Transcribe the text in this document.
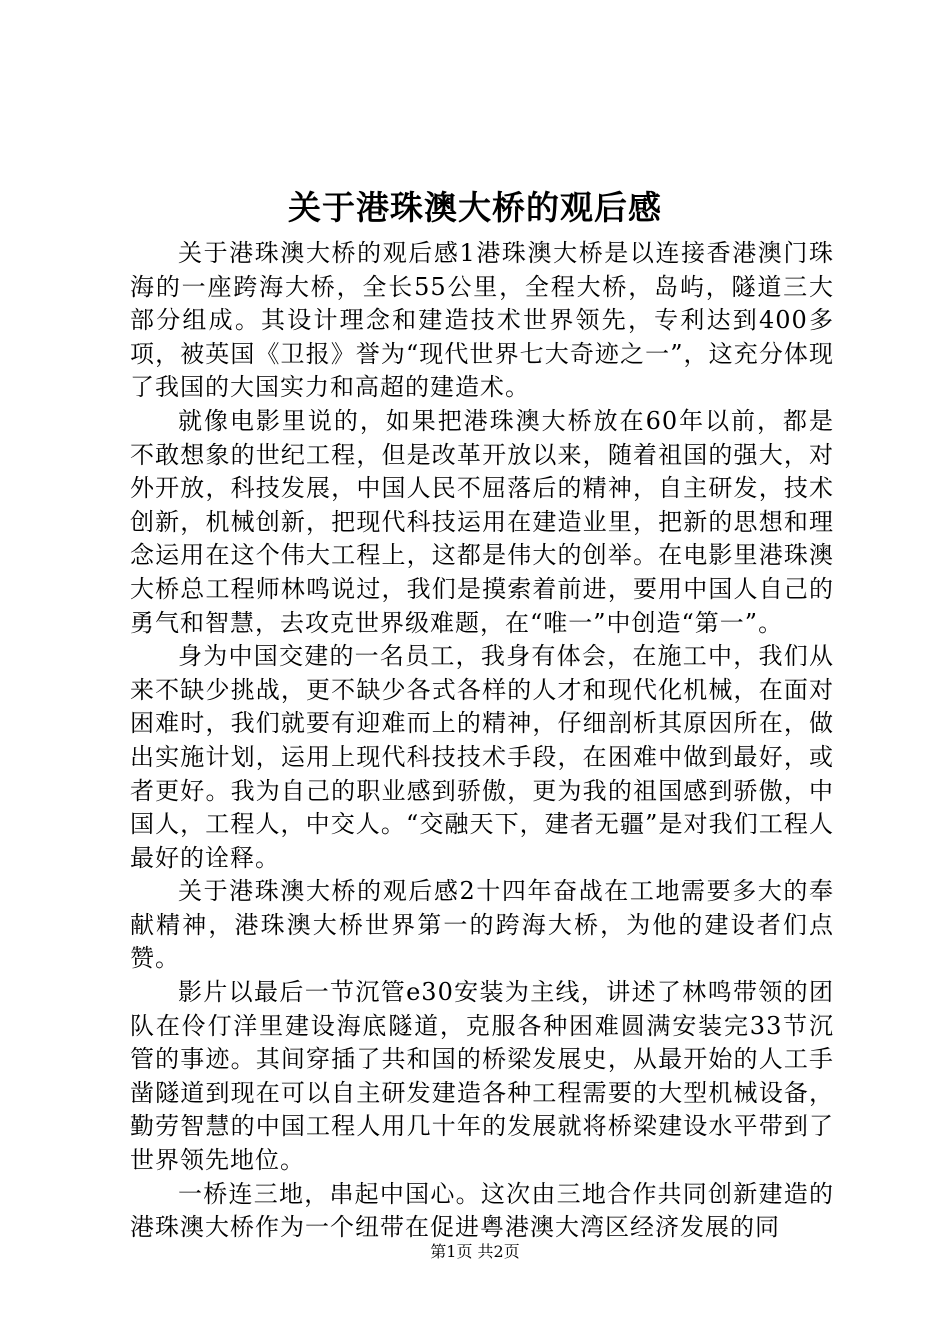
关于港珠澳大桥的观后感

关于港珠澳大桥的观后感1港珠澳大桥是以连接香港澳门珠海的一座跨海大桥，全长55公里，全程大桥，岛屿，隧道三大部分组成。其设计理念和建造技术世界领先，专利达到400多项，被英国《卫报》誉为“现代世界七大奇迹之一”，这充分体现了我国的大国实力和高超的建造术。

就像电影里说的，如果把港珠澳大桥放在60年以前，都是不敢想象的世纪工程，但是改革开放以来，随着祖国的强大，对外开放，科技发展，中国人民不屈落后的精神，自主研发，技术创新，机械创新，把现代科技运用在建造业里，把新的思想和理念运用在这个伟大工程上，这都是伟大的创举。在电影里港珠澳大桥总工程师林鸣说过，我们是摸索着前进，要用中国人自己的勇气和智慧，去攻克世界级难题，在“唯一”中创造“第一”。

身为中国交建的一名员工，我身有体会，在施工中，我们从来不缺少挑战，更不缺少各式各样的人才和现代化机械，在面对困难时，我们就要有迎难而上的精神，仔细剖析其原因所在，做出实施计划，运用上现代科技技术手段，在困难中做到最好，或者更好。我为自己的职业感到骄傲，更为我的祖国感到骄傲，中国人，工程人，中交人。“交融天下，建者无疆”是对我们工程人最好的诠释。

关于港珠澳大桥的观后感2十四年奋战在工地需要多大的奉献精神，港珠澳大桥世界第一的跨海大桥，为他的建设者们点赞。

影片以最后一节沉管e30安装为主线，讲述了林鸣带领的团队在伶仃洋里建设海底隧道，克服各种困难圆满安装完33节沉管的事迹。其间穿插了共和国的桥梁发展史，从最开始的人工手凿隧道到现在可以自主研发建造各种工程需要的大型机械设备，勤劳智慧的中国工程人用几十年的发展就将桥梁建设水平带到了世界领先地位。

一桥连三地，串起中国心。这次由三地合作共同创新建造的港珠澳大桥作为一个纽带在促进粤港澳大湾区经济发展的同

第1页 共2页
